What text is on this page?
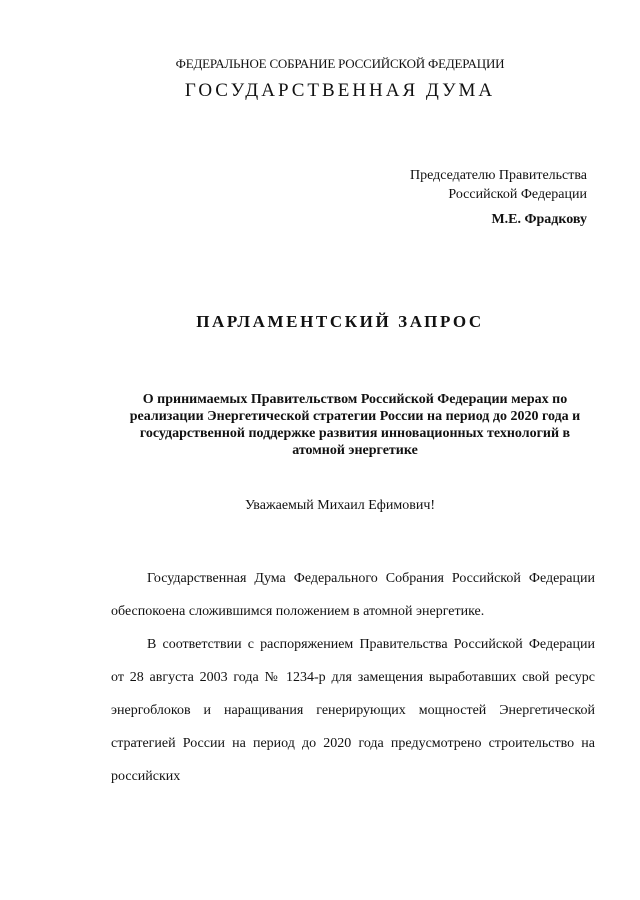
ФЕДЕРАЛЬНОЕ СОБРАНИЕ РОССИЙСКОЙ ФЕДЕРАЦИИ
ГОСУДАРСТВЕННАЯ ДУМА
Председателю Правительства
Российской Федерации
М.Е. Фрадкову
ПАРЛАМЕНТСКИЙ ЗАПРОС
О принимаемых Правительством Российской Федерации мерах по реализации Энергетической стратегии России на период до 2020 года и государственной поддержке развития инновационных технологий в атомной энергетике
Уважаемый Михаил Ефимович!

Государственная Дума Федерального Собрания Российской Федерации обеспокоена сложившимся положением в атомной энергетике.

В соответствии с распоряжением Правительства Российской Федерации от 28 августа 2003 года № 1234-р для замещения выработавших свой ресурс энергоблоков и наращивания генерирующих мощностей Энергетической стратегией России на период до 2020 года предусмотрено строительство на российских
